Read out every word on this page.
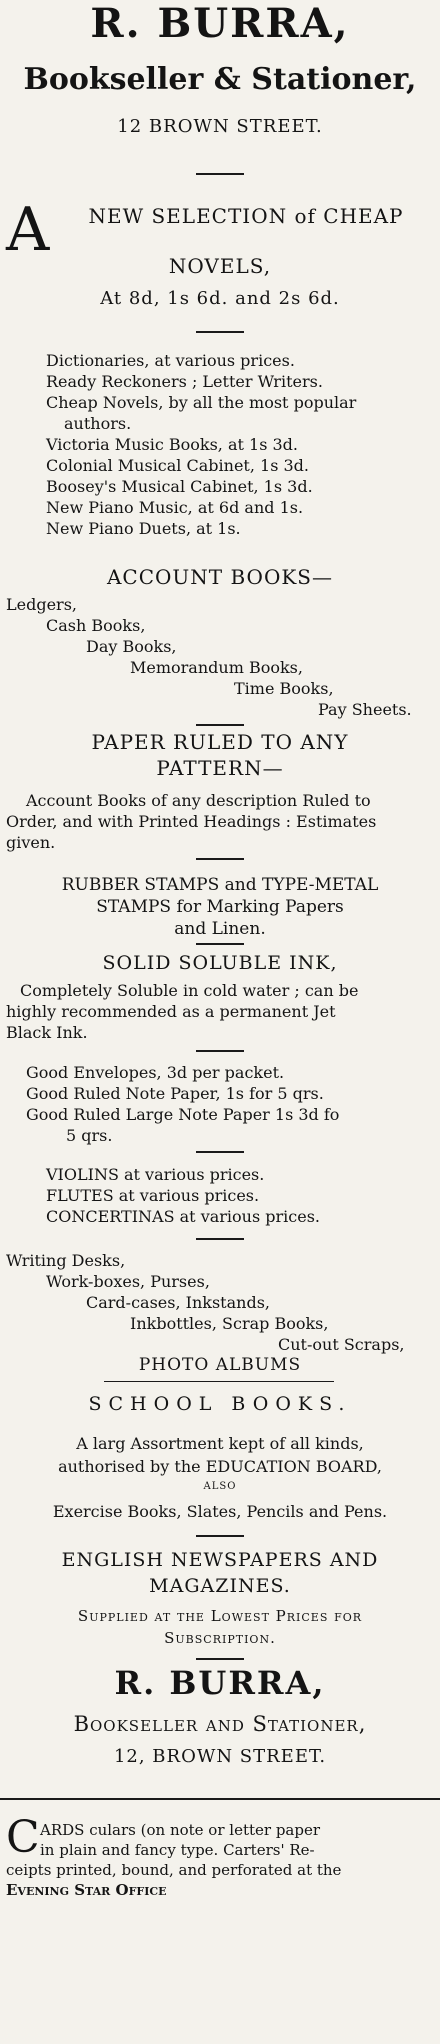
R. BURRA,
Bookseller & Stationer,
12 BROWN STREET.
A	NEW SELECTION of CHEAP
NOVELS,
At 8d, 1s 6d. and 2s 6d.
Dictionaries, at various prices.
Ready Reckoners ; Letter Writers.
Cheap Novels, by all the most popular
authors.
Victoria Music Books, at 1s 3d.
Colonial Musical Cabinet, 1s 3d.
Boosey's Musical Cabinet, 1s 3d.
New Piano Music, at 6d and 1s.
New Piano Duets, at 1s.
ACCOUNT BOOKS—
Ledgers,
Cash Books,
Day Books,
Memorandum Books,
Time Books,
Pay Sheets.
PAPER RULED TO ANY
PATTERN—
Account Books of any description Ruled to
Order, and with Printed Headings : Estimates
given.
RUBBER STAMPS and TYPE-METAL
STAMPS for Marking Papers
and Linen.
SOLID SOLUBLE INK,
Completely Soluble in cold water ; can be
highly recommended as a permanent Jet
Black Ink.
Good Envelopes, 3d per packet.
Good Ruled Note Paper, 1s for 5 qrs.
Good Ruled Large Note Paper 1s 3d fo
5 qrs.
VIOLINS at various prices.
FLUTES at various prices.
CONCERTINAS at various prices.
Writing Desks,
Work-boxes, Purses,
Card-cases, Inkstands,
Inkbottles, Scrap Books,
Cut-out Scraps,
PHOTO ALBUMS
SCHOOL BOOKS.
A larg Assortment kept of all kinds,
authorised by the EDUCATION BOARD,
ALSO
Exercise Books, Slates, Pencils and Pens.
ENGLISH NEWSPAPERS AND
MAGAZINES.
Supplied at the Lowest Prices for
Subscription.
R. BURRA,
Bookseller and Stationer,
12, BROWN STREET.
C ARDS culars (on note or letter paper
in plain and fancy type. Carters' Re-
ceipts printed, bound, and perforated at the
Evening Star Office
